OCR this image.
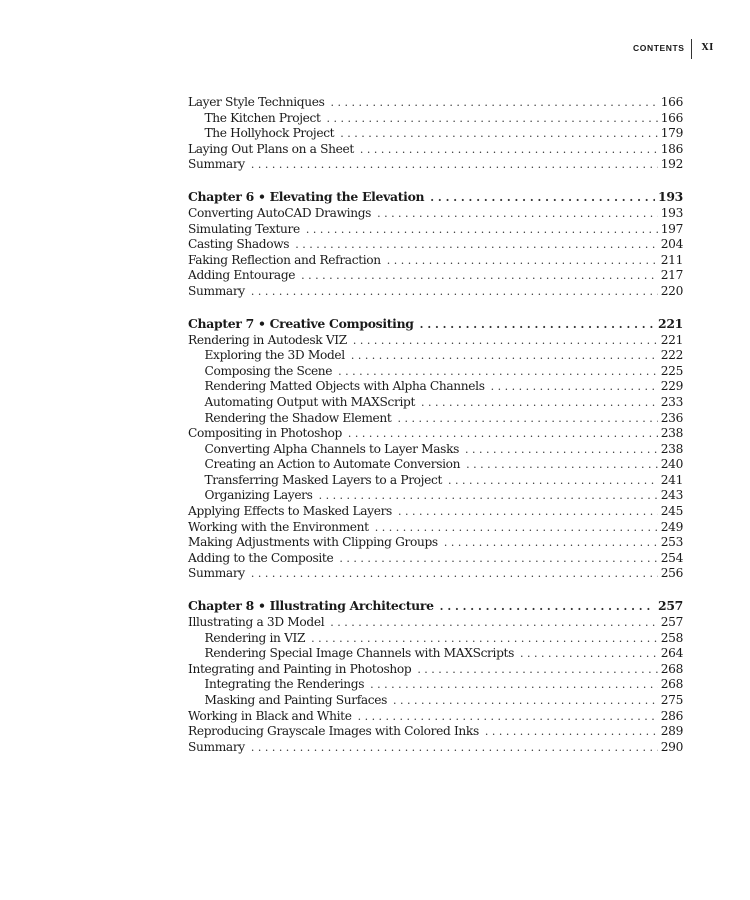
CONTENTS	XI
Layer Style Techniques . . .	166
The Kitchen Project . . .	166
The Hollyhock Project . . .	179
Laying Out Plans on a Sheet . . .	186
Summary . . .	192
Chapter 6 • Elevating the Elevation . . .	193
Converting AutoCAD Drawings . . .	193
Simulating Texture . . .	197
Casting Shadows . . .	204
Faking Reflection and Refraction . . .	211
Adding Entourage . . .	217
Summary . . .	220
Chapter 7 • Creative Compositing . . .	221
Rendering in Autodesk VIZ . . .	221
Exploring the 3D Model . . .	222
Composing the Scene . . .	225
Rendering Matted Objects with Alpha Channels . . .	229
Automating Output with MAXScript . . .	233
Rendering the Shadow Element . . .	236
Compositing in Photoshop . . .	238
Converting Alpha Channels to Layer Masks . . .	238
Creating an Action to Automate Conversion . . .	240
Transferring Masked Layers to a Project . . .	241
Organizing Layers . . .	243
Applying Effects to Masked Layers . . .	245
Working with the Environment . . .	249
Making Adjustments with Clipping Groups . . .	253
Adding to the Composite . . .	254
Summary . . .	256
Chapter 8 • Illustrating Architecture . . .	257
Illustrating a 3D Model . . .	257
Rendering in VIZ . . .	258
Rendering Special Image Channels with MAXScripts . . .	264
Integrating and Painting in Photoshop . . .	268
Integrating the Renderings . . .	268
Masking and Painting Surfaces . . .	275
Working in Black and White . . .	286
Reproducing Grayscale Images with Colored Inks . . .	289
Summary . . .	290
